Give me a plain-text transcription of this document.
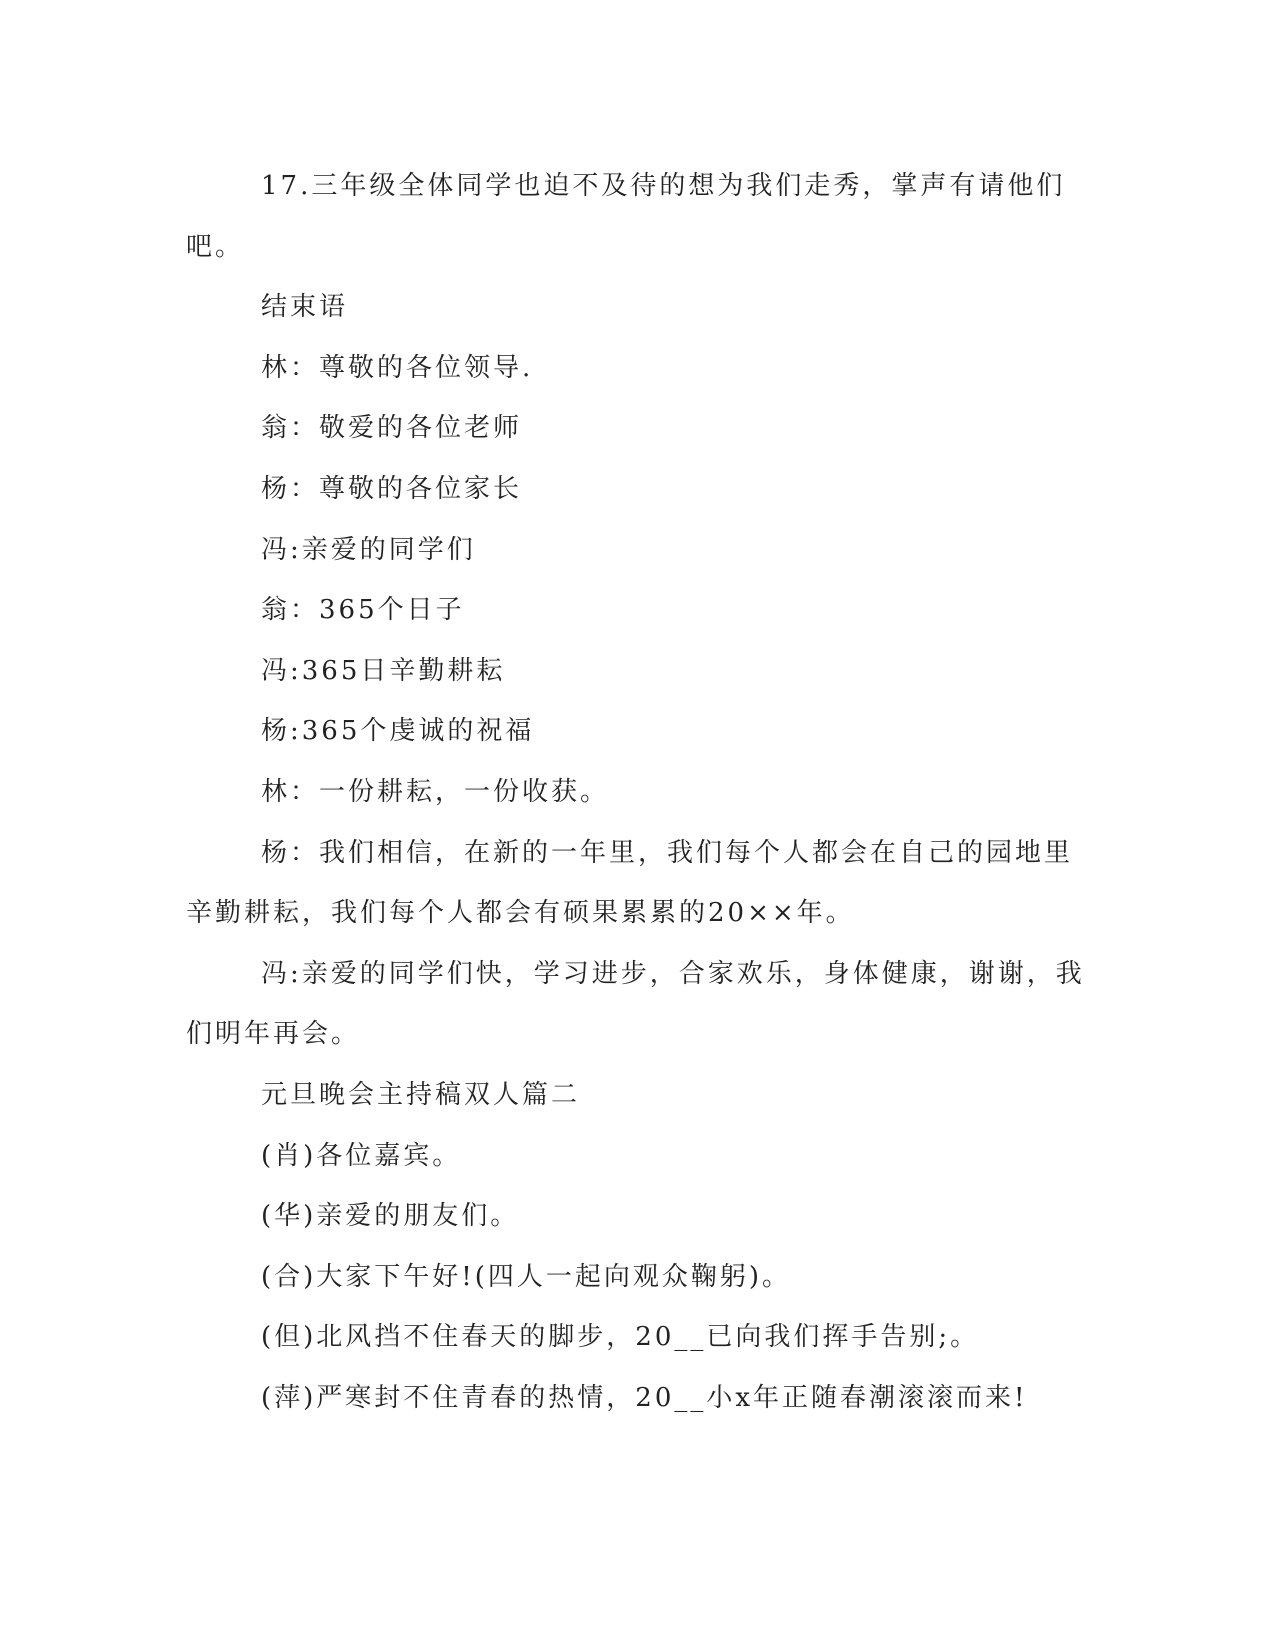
17.三年级全体同学也迫不及待的想为我们走秀，掌声有请他们吧。

结束语

林：尊敬的各位领导.

翁：敬爱的各位老师

杨：尊敬的各位家长

冯:亲爱的同学们

翁：365个日子

冯:365日辛勤耕耘

杨:365个虔诚的祝福

林：一份耕耘，一份收获。

杨：我们相信，在新的一年里，我们每个人都会在自己的园地里辛勤耕耘，我们每个人都会有硕果累累的20××年。

冯:亲爱的同学们快，学习进步，合家欢乐，身体健康，谢谢，我们明年再会。

元旦晚会主持稿双人篇二

(肖)各位嘉宾。

(华)亲爱的朋友们。

(合)大家下午好!(四人一起向观众鞠躬)。

(但)北风挡不住春天的脚步，20__已向我们挥手告别;。

(萍)严寒封不住青春的热情，20__小x年正随春潮滚滚而来!
